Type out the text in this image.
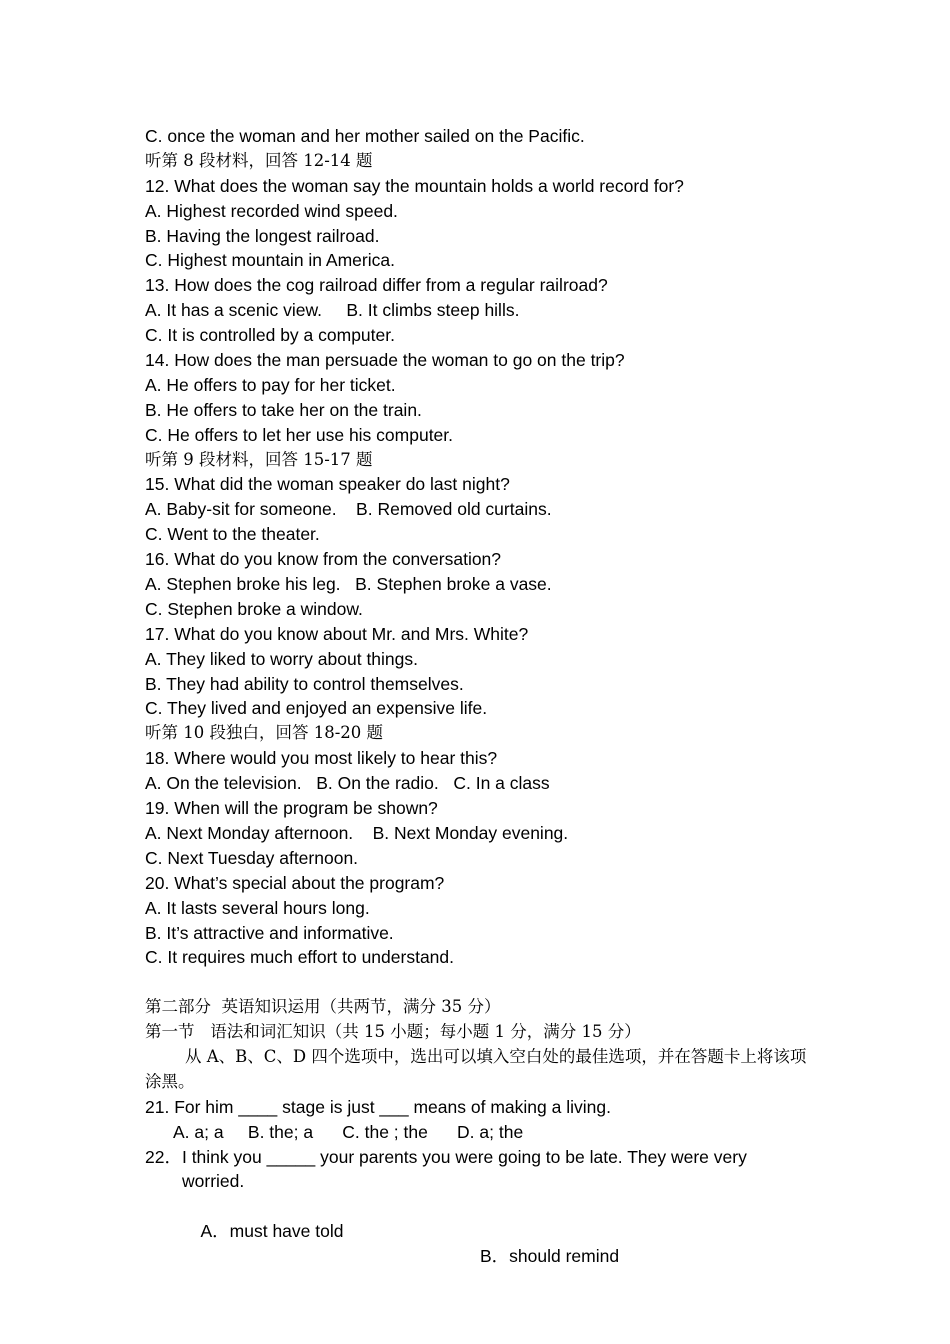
C. once the woman and her mother sailed on the Pacific.
听第 8 段材料，回答 12-14 题
12. What does the woman say the mountain holds a world record for?
A. Highest recorded wind speed.
B. Having the longest railroad.
C. Highest mountain in America.
13. How does the cog railroad differ from a regular railroad?
A. It has a scenic view.     B. It climbs steep hills.
C. It is controlled by a computer.
14. How does the man persuade the woman to go on the trip?
A. He offers to pay for her ticket.
B. He offers to take her on the train.
C. He offers to let her use his computer.
听第 9 段材料，回答 15-17 题
15. What did the woman speaker do last night?
A. Baby-sit for someone.    B. Removed old curtains.
C. Went to the theater.
16. What do you know from the conversation?
A. Stephen broke his leg.   B. Stephen broke a vase.
C. Stephen broke a window.
17. What do you know about Mr. and Mrs. White?
A. They liked to worry about things.
B. They had ability to control themselves.
C. They lived and enjoyed an expensive life.
听第 10 段独白，回答 18-20 题
18. Where would you most likely to hear this?
A. On the television.   B. On the radio.   C. In a class
19. When will the program be shown?
A. Next Monday afternoon.    B. Next Monday evening.
C. Next Tuesday afternoon.
20. What’s special about the program?
A. It lasts several hours long.
B. It’s attractive and informative.
C. It requires much effort to understand.
第二部分  英语知识运用（共两节，满分 35 分）
第一节   语法和词汇知识（共 15 小题；每小题 1 分，满分 15 分）
从 A、B、C、D 四个选项中，选出可以填入空白处的最佳选项，并在答题卡上将该项涂黑。
21. For him ____ stage is just ___ means of making a living.
A. a; a     B. the; a      C. the ; the      D. a; the
22．I think you _____ your parents you were going to be late. They were very
worried.

A．must have told

B．should remind
